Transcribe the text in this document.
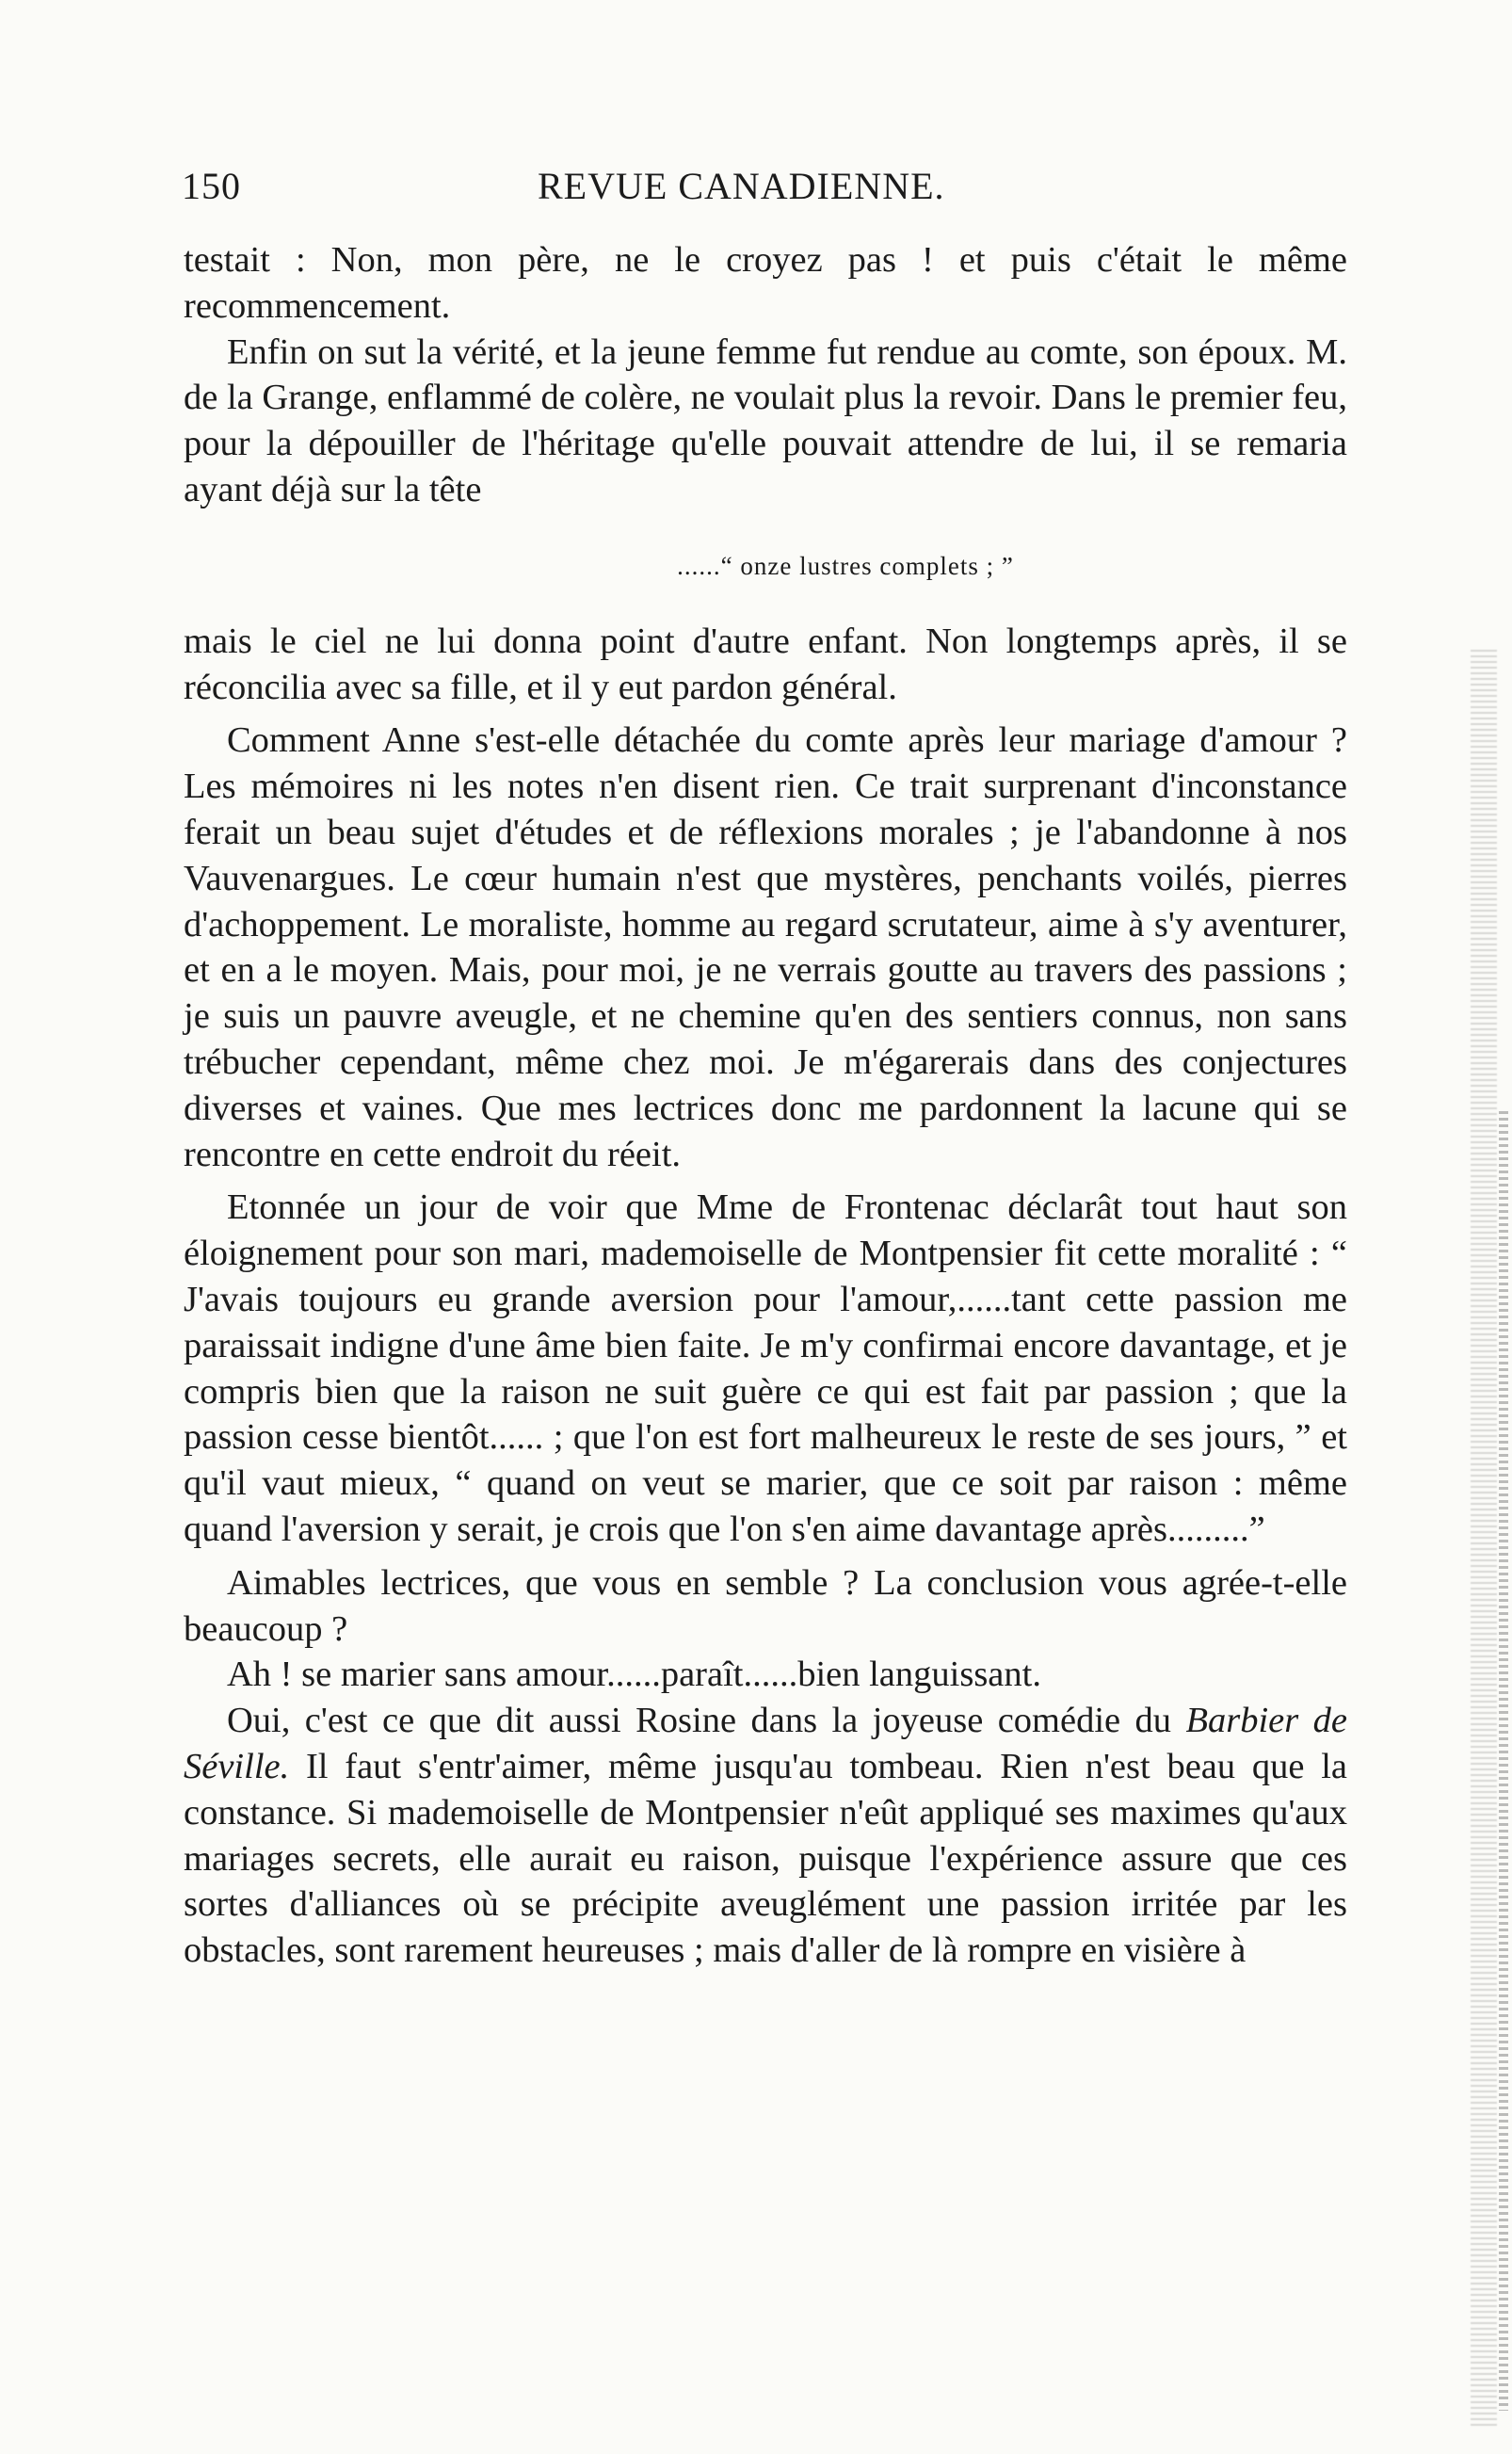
150	REVUE CANADIENNE.

testait : Non, mon père, ne le croyez pas ! et puis c'était le même recommencement.

Enfin on sut la vérité, et la jeune femme fut rendue au comte, son époux. M. de la Grange, enflammé de colère, ne voulait plus la revoir. Dans le premier feu, pour la dépouiller de l'héritage qu'elle pouvait attendre de lui, il se remaria ayant déjà sur la tête

......“ onze lustres complets ; ”

mais le ciel ne lui donna point d'autre enfant. Non longtemps après, il se réconcilia avec sa fille, et il y eut pardon général.

Comment Anne s'est-elle détachée du comte après leur mariage d'amour ? Les mémoires ni les notes n'en disent rien. Ce trait surprenant d'inconstance ferait un beau sujet d'études et de réflexions morales ; je l'abandonne à nos Vauvenargues. Le cœur humain n'est que mystères, penchants voilés, pierres d'achoppement. Le moraliste, homme au regard scrutateur, aime à s'y aventurer, et en a le moyen. Mais, pour moi, je ne verrais goutte au travers des passions ; je suis un pauvre aveugle, et ne chemine qu'en des sentiers connus, non sans trébucher cependant, même chez moi. Je m'égarerais dans des conjectures diverses et vaines. Que mes lectrices donc me pardonnent la lacune qui se rencontre en cette endroit du réeit.

Etonnée un jour de voir que Mme de Frontenac déclarât tout haut son éloignement pour son mari, mademoiselle de Montpensier fit cette moralité : “ J'avais toujours eu grande aversion pour l'amour,......tant cette passion me paraissait indigne d'une âme bien faite. Je m'y confirmai encore davantage, et je compris bien que la raison ne suit guère ce qui est fait par passion ; que la passion cesse bientôt...... ; que l'on est fort malheureux le reste de ses jours, ” et qu'il vaut mieux, “ quand on veut se marier, que ce soit par raison : même quand l'aversion y serait, je crois que l'on s'en aime davantage après.........”

Aimables lectrices, que vous en semble ? La conclusion vous agrée-t-elle beaucoup ?

Ah ! se marier sans amour......paraît......bien languissant.

Oui, c'est ce que dit aussi Rosine dans la joyeuse comédie du Barbier de Séville. Il faut s'entr'aimer, même jusqu'au tombeau. Rien n'est beau que la constance. Si mademoiselle de Montpensier n'eût appliqué ses maximes qu'aux mariages secrets, elle aurait eu raison, puisque l'expérience assure que ces sortes d'alliances où se précipite aveuglément une passion irritée par les obstacles, sont rarement heureuses ; mais d'aller de là rompre en visière à
